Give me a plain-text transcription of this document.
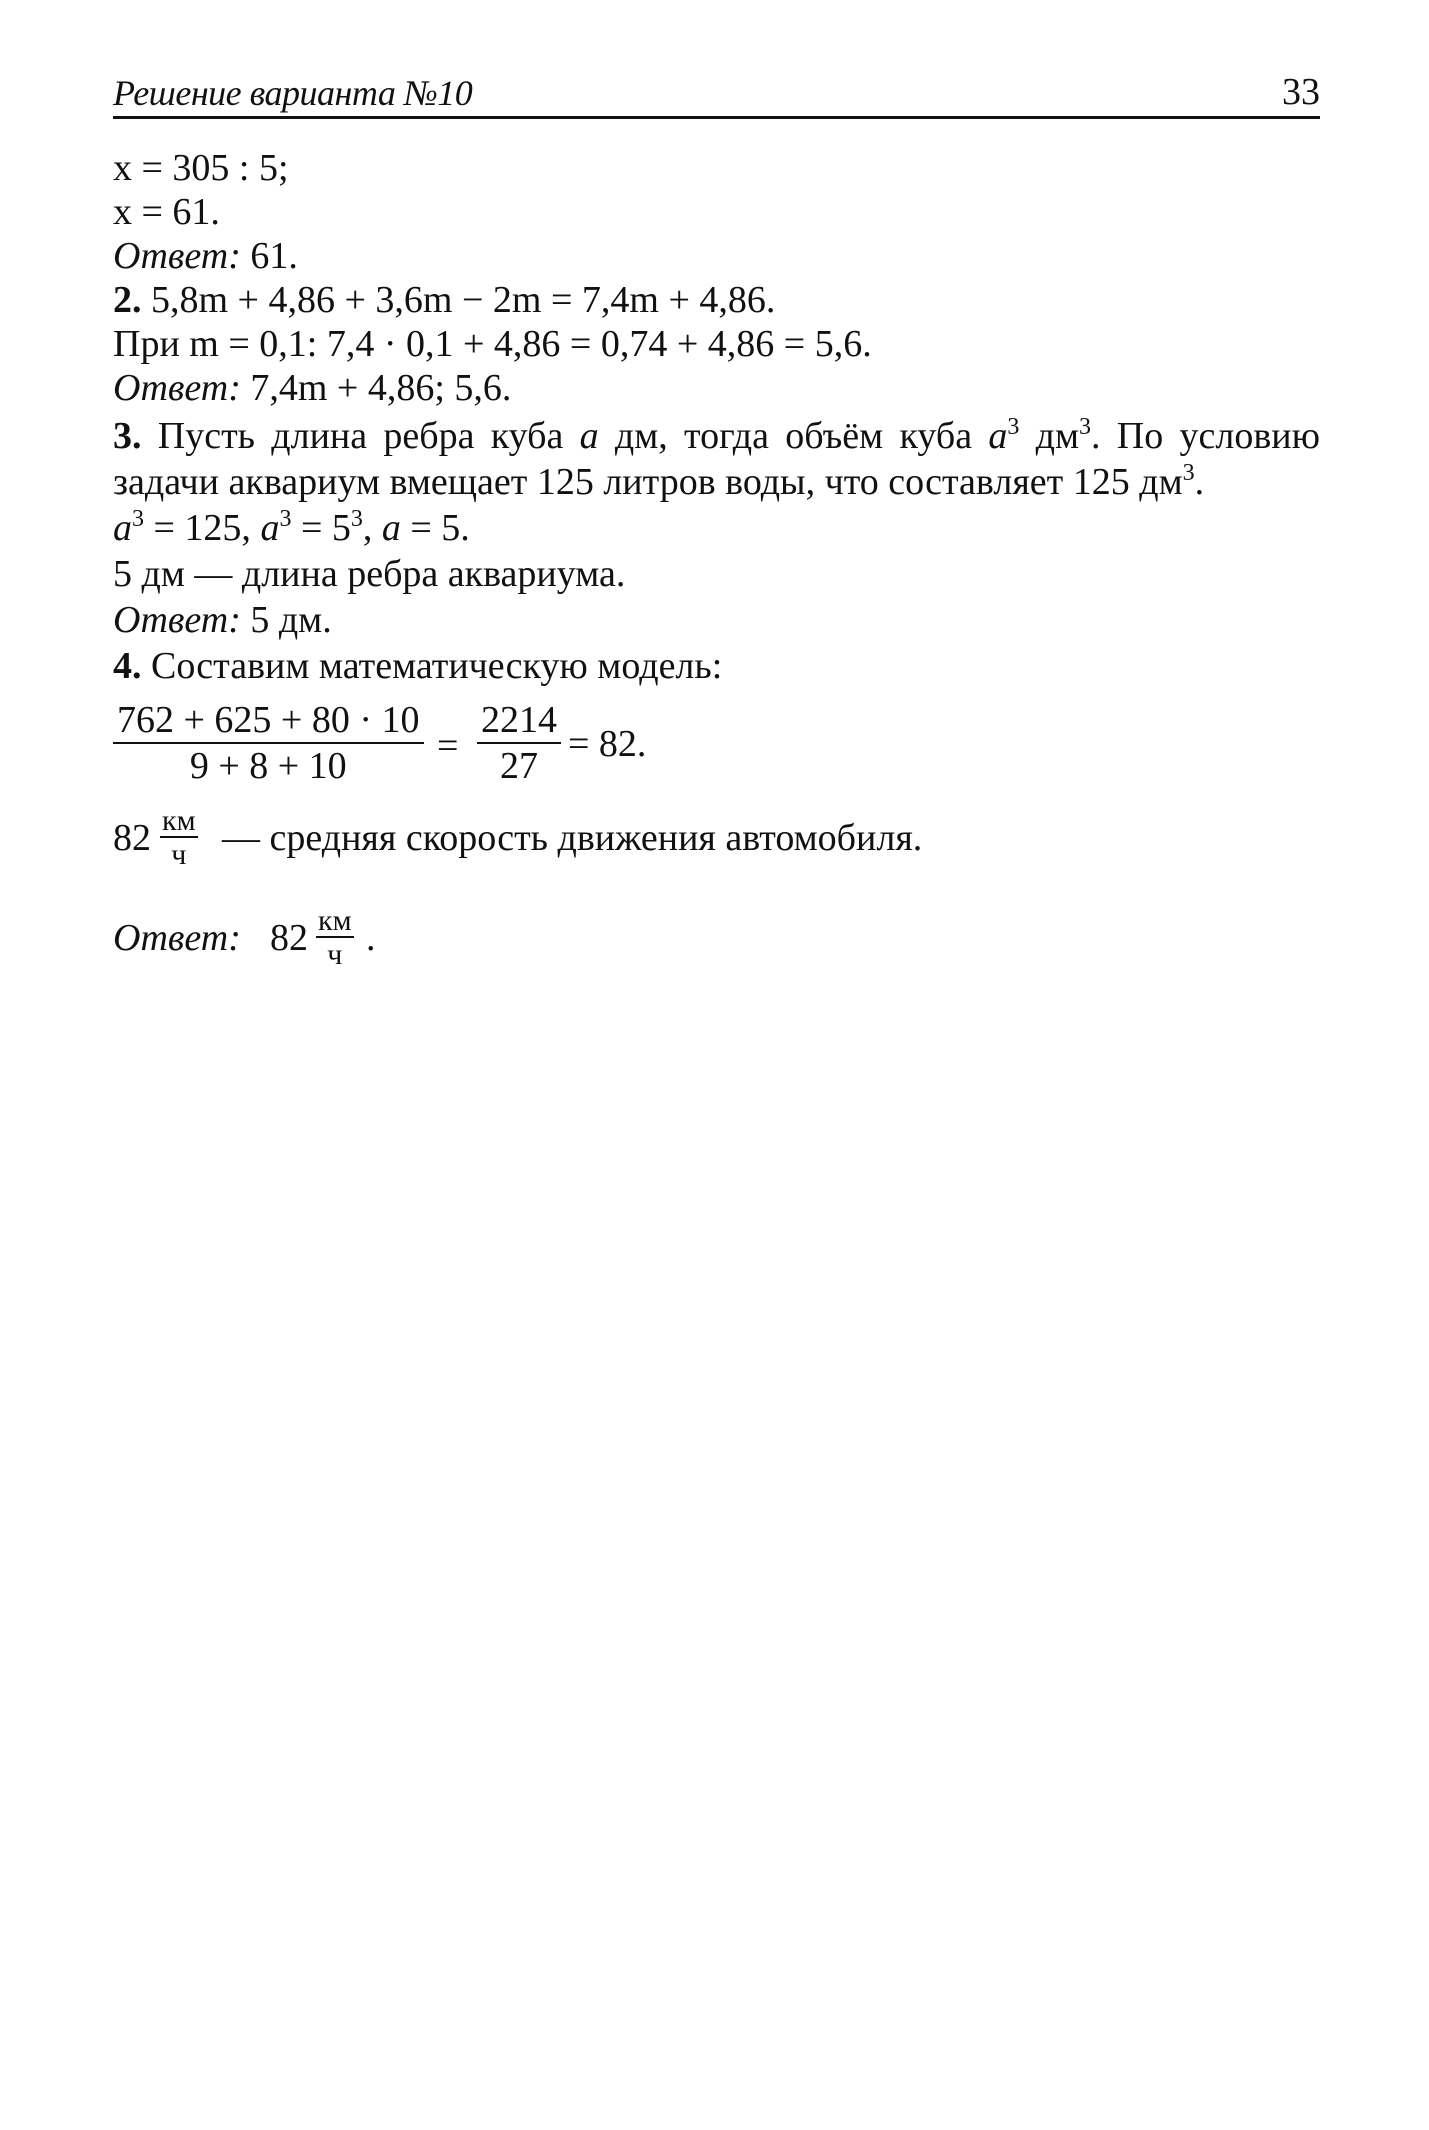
Решение варианта №10	33
x = 305 : 5;
x = 61.
Ответ: 61.
2. 5,8m + 4,86 + 3,6m − 2m = 7,4m + 4,86.
При m = 0,1: 7,4 · 0,1 + 4,86 = 0,74 + 4,86 = 5,6.
Ответ: 7,4m + 4,86; 5,6.
3. Пусть длина ребра куба a дм, тогда объём куба $a^3$ $дм^3$. По условию
задачи аквариум вмещает 125 литров воды, что составляет 125 $дм^3$.
$a^3 = 125$, $a^3 = 5^3$, a = 5.
5 дм — длина ребра аквариума.
Ответ: 5 дм.
4. Составим математическую модель:
$\frac{762 + 625 + 80 \cdot 10}{9 + 8 + 10} = \frac{2214}{27} = 82$.
82 км
ч — средняя скорость движения автомобиля.
Ответ: 82 км
ч .
